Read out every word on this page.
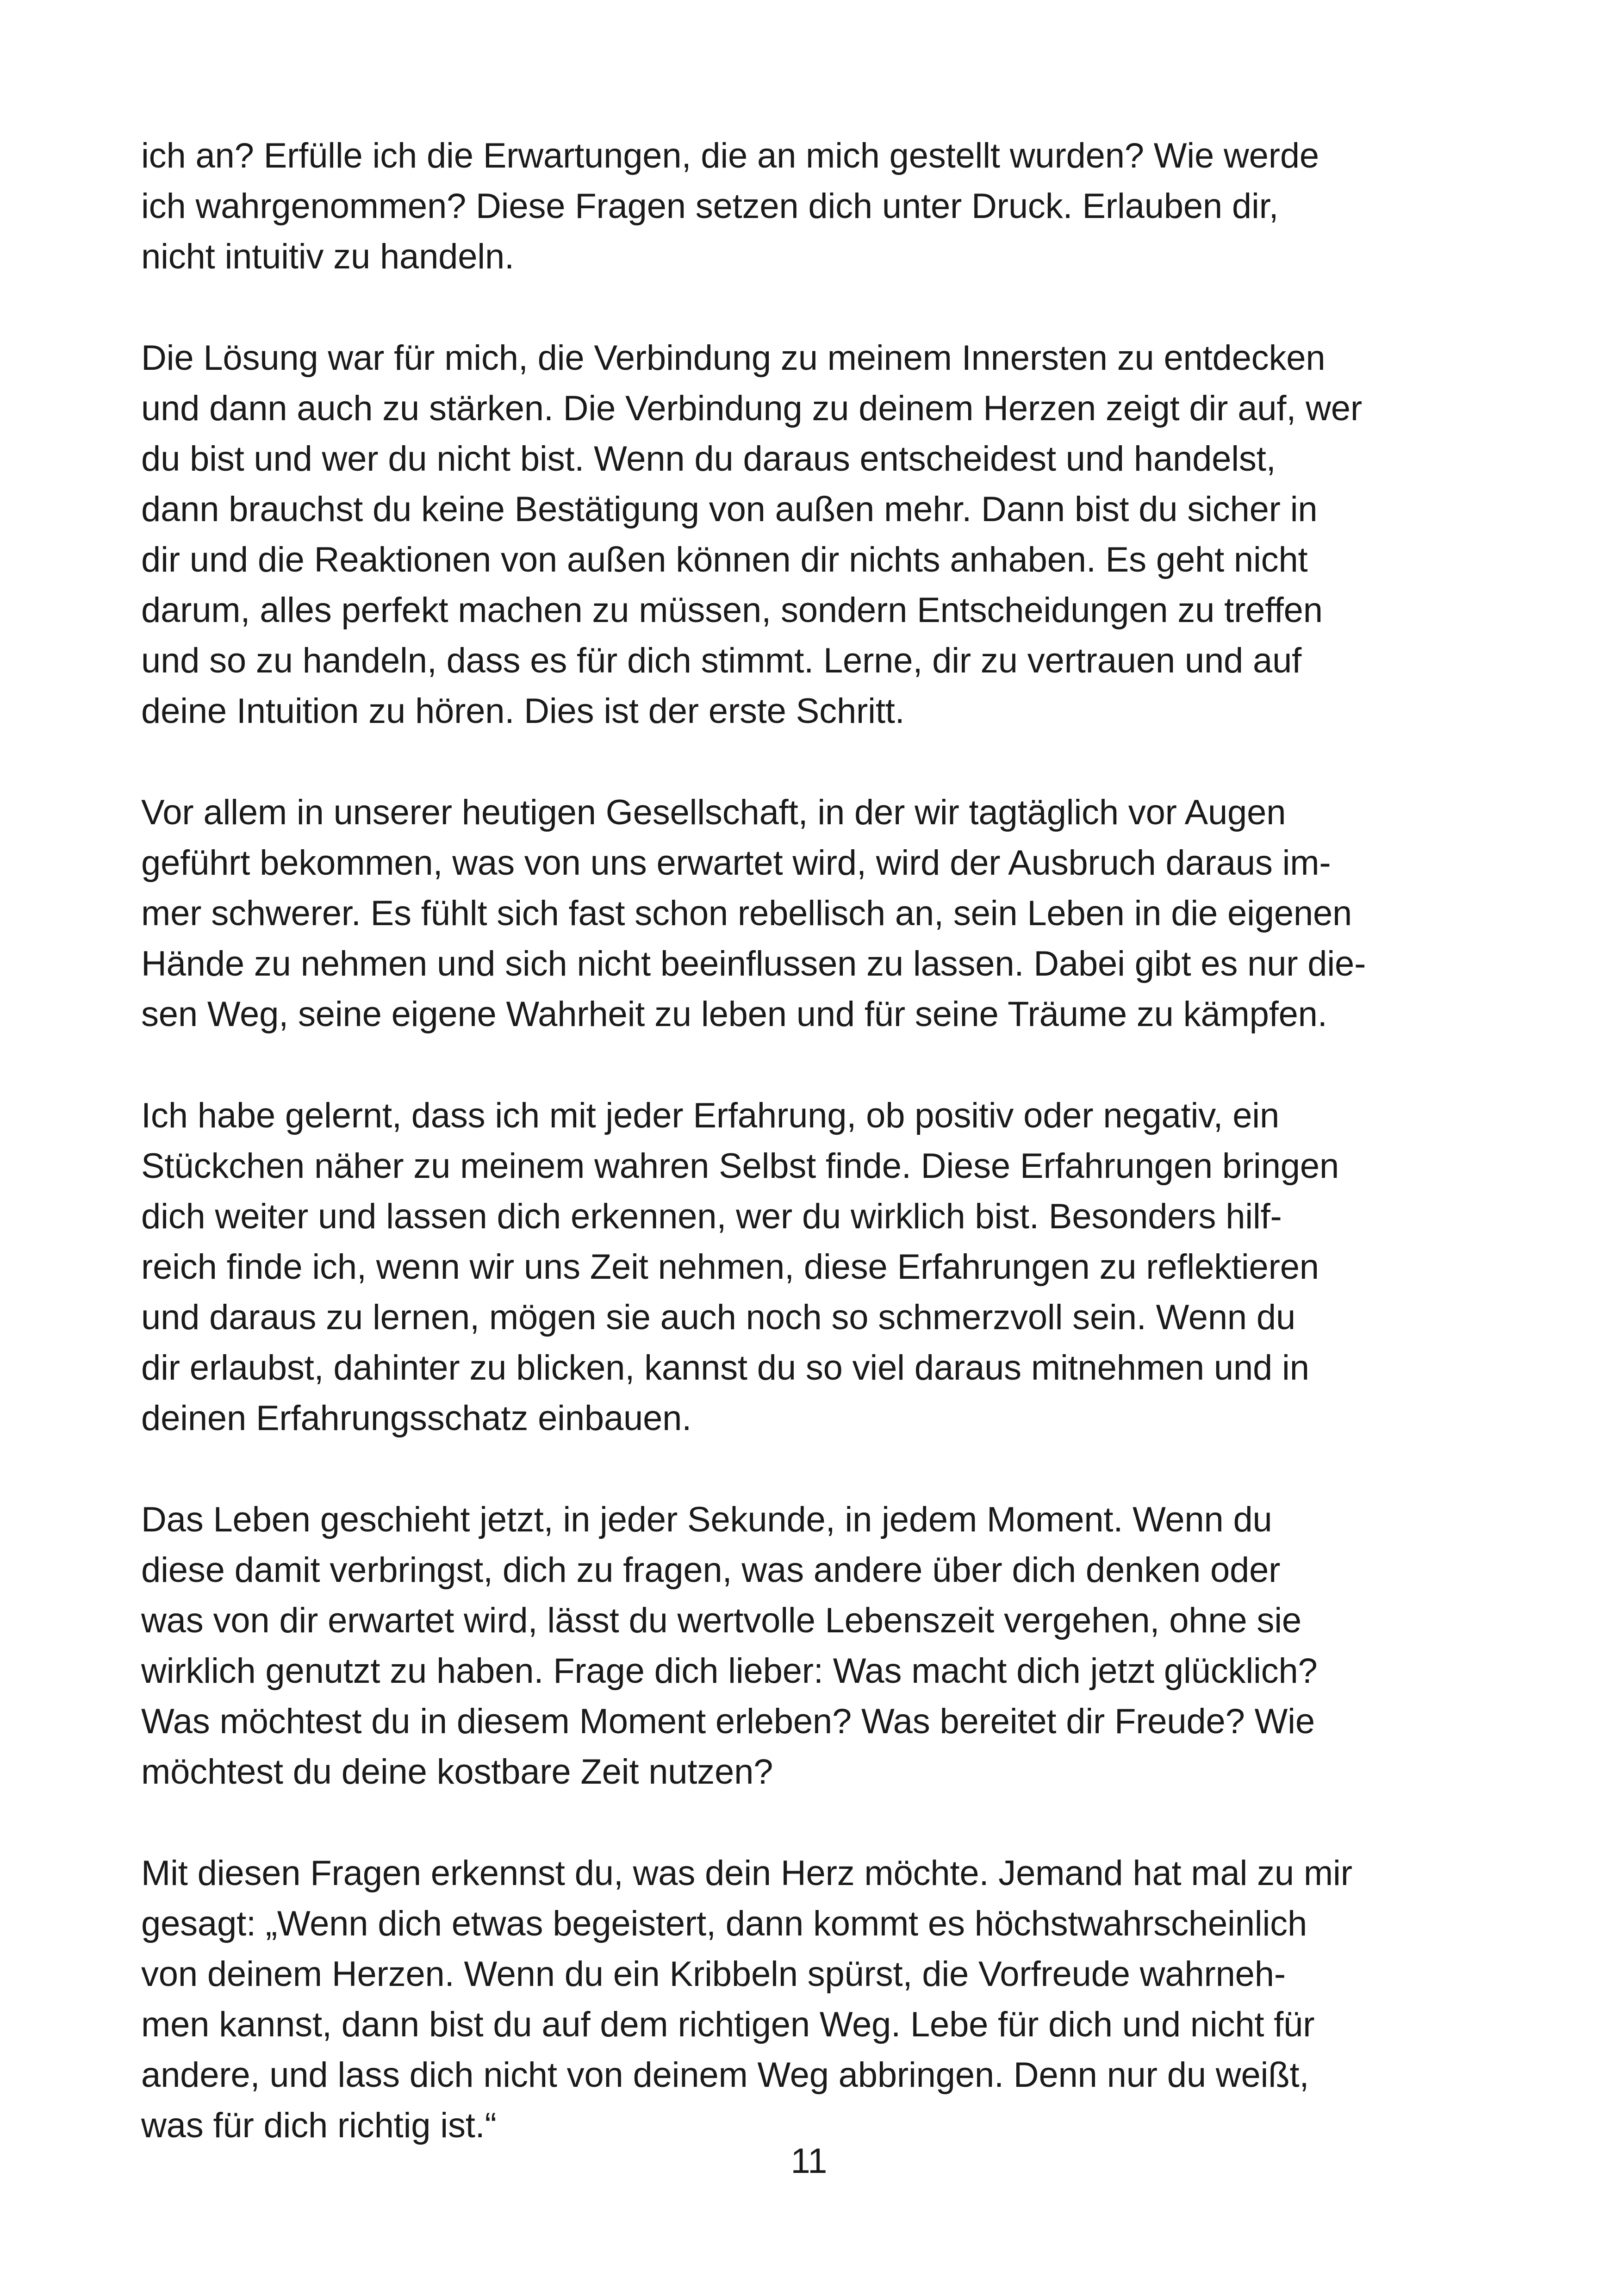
ich an? Erfülle ich die Erwartungen, die an mich gestellt wurden? Wie werde
ich wahrgenommen? Diese Fragen setzen dich unter Druck. Erlauben dir,
nicht intuitiv zu handeln.

Die Lösung war für mich, die Verbindung zu meinem Innersten zu entdecken
und dann auch zu stärken. Die Verbindung zu deinem Herzen zeigt dir auf, wer
du bist und wer du nicht bist. Wenn du daraus entscheidest und handelst,
dann brauchst du keine Bestätigung von außen mehr. Dann bist du sicher in
dir und die Reaktionen von außen können dir nichts anhaben. Es geht nicht
darum, alles perfekt machen zu müssen, sondern Entscheidungen zu treffen
und so zu handeln, dass es für dich stimmt. Lerne, dir zu vertrauen und auf
deine Intuition zu hören. Dies ist der erste Schritt.

Vor allem in unserer heutigen Gesellschaft, in der wir tagtäglich vor Augen
geführt bekommen, was von uns erwartet wird, wird der Ausbruch daraus im-
mer schwerer. Es fühlt sich fast schon rebellisch an, sein Leben in die eigenen
Hände zu nehmen und sich nicht beeinflussen zu lassen. Dabei gibt es nur die-
sen Weg, seine eigene Wahrheit zu leben und für seine Träume zu kämpfen.

Ich habe gelernt, dass ich mit jeder Erfahrung, ob positiv oder negativ, ein
Stückchen näher zu meinem wahren Selbst finde. Diese Erfahrungen bringen
dich weiter und lassen dich erkennen, wer du wirklich bist. Besonders hilf-
reich finde ich, wenn wir uns Zeit nehmen, diese Erfahrungen zu reflektieren
und daraus zu lernen, mögen sie auch noch so schmerzvoll sein. Wenn du
dir erlaubst, dahinter zu blicken, kannst du so viel daraus mitnehmen und in
deinen Erfahrungsschatz einbauen.

Das Leben geschieht jetzt, in jeder Sekunde, in jedem Moment. Wenn du
diese damit verbringst, dich zu fragen, was andere über dich denken oder
was von dir erwartet wird, lässt du wertvolle Lebenszeit vergehen, ohne sie
wirklich genutzt zu haben. Frage dich lieber: Was macht dich jetzt glücklich?
Was möchtest du in diesem Moment erleben? Was bereitet dir Freude? Wie
möchtest du deine kostbare Zeit nutzen?

Mit diesen Fragen erkennst du, was dein Herz möchte. Jemand hat mal zu mir
gesagt: „Wenn dich etwas begeistert, dann kommt es höchstwahrscheinlich
von deinem Herzen. Wenn du ein Kribbeln spürst, die Vorfreude wahrneh-
men kannst, dann bist du auf dem richtigen Weg. Lebe für dich und nicht für
andere, und lass dich nicht von deinem Weg abbringen. Denn nur du weißt,
was für dich richtig ist.“

11
